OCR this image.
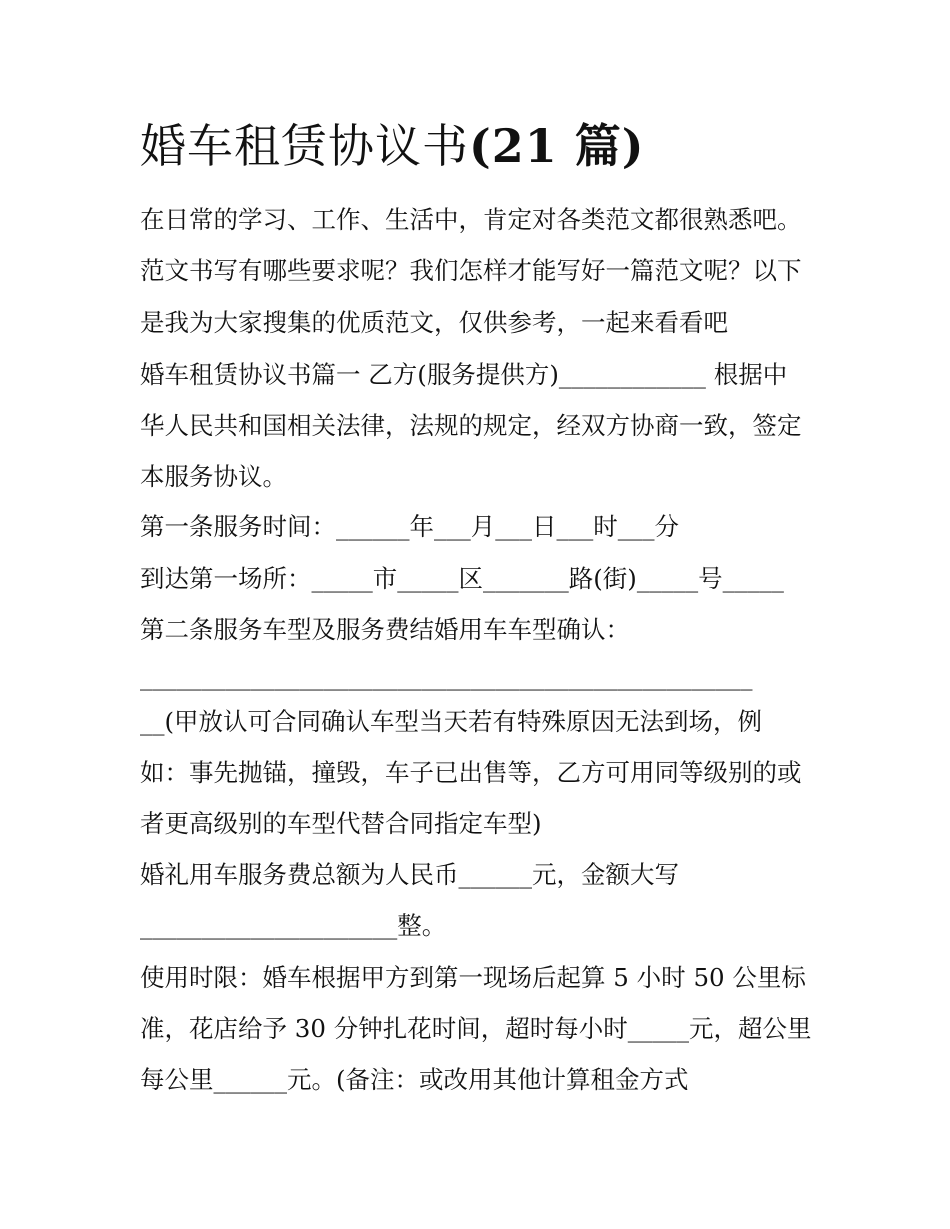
婚车租赁协议书(21 篇)
在日常的学习、工作、生活中，肯定对各类范文都很熟悉吧。
范文书写有哪些要求呢？我们怎样才能写好一篇范文呢？以下
是我为大家搜集的优质范文，仅供参考，一起来看看吧
婚车租赁协议书篇一 乙方(服务提供方)____________ 根据中
华人民共和国相关法律，法规的规定，经双方协商一致，签定
本服务协议。
第一条服务时间：______年___月___日___时___分
到达第一场所：_____市_____区_______路(街)_____号_____
第二条服务车型及服务费结婚用车车型确认：
__________________________________________________
__(甲放认可合同确认车型当天若有特殊原因无法到场，例
如：事先抛锚，撞毁，车子已出售等，乙方可用同等级别的或
者更高级别的车型代替合同指定车型)
婚礼用车服务费总额为人民币______元，金额大写
_____________________整。
使用时限：婚车根据甲方到第一现场后起算 5 小时 50 公里标
准，花店给予 30 分钟扎花时间，超时每小时_____元，超公里
每公里______元。(备注：或改用其他计算租金方式
